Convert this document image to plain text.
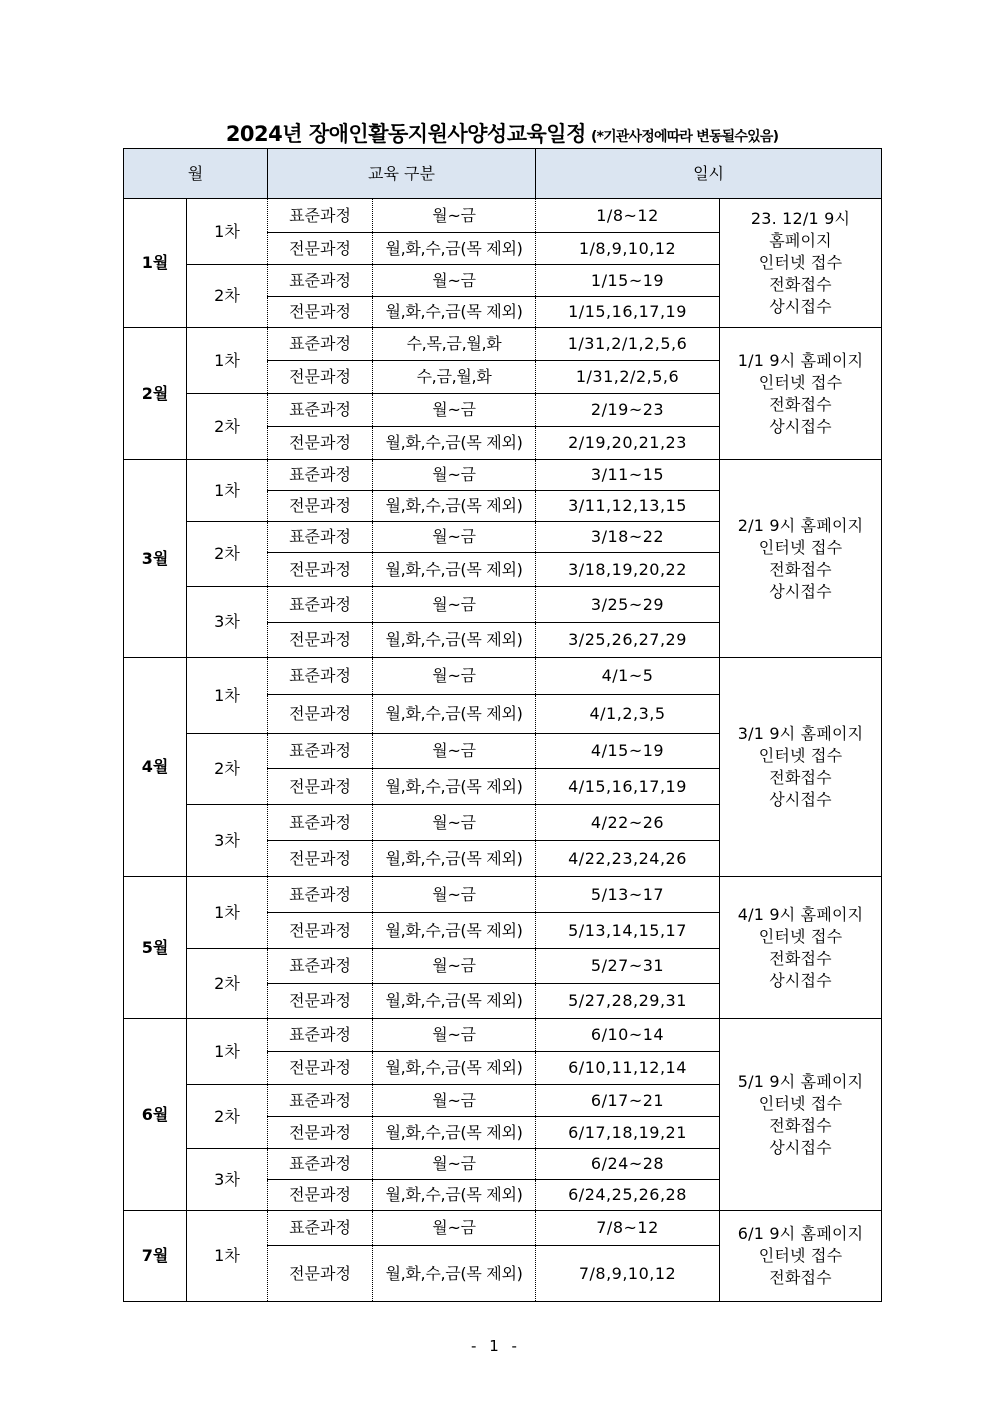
2024년 장애인활동지원사양성교육일정 (*기관사정에따라 변동될수있음)
월		교육 구분		일시	
1월	1차	표준과정	월~금	1/8~12	23. 12/1 9시
홈페이지
인터넷 접수
전화접수
상시접수

		전문과정	월,화,수,금(목 제외)	1/8,9,10,12	
	2차	표준과정	월~금	1/15~19	
		전문과정	월,화,수,금(목 제외)	1/15,16,17,19	
2월	1차	표준과정	수,목,금,월,화	1/31,2/1,2,5,6	1/1 9시 홈페이지
인터넷 접수
전화접수
상시접수

		전문과정	수,금,월,화	1/31,2/2,5,6	
	2차	표준과정	월~금	2/19~23	
		전문과정	월,화,수,금(목 제외)	2/19,20,21,23	
3월	1차	표준과정	월~금	3/11~15	2/1 9시 홈페이지
인터넷 접수
전화접수
상시접수

		전문과정	월,화,수,금(목 제외)	3/11,12,13,15	
	2차	표준과정	월~금	3/18~22	
		전문과정	월,화,수,금(목 제외)	3/18,19,20,22	
	3차	표준과정	월~금	3/25~29	
		전문과정	월,화,수,금(목 제외)	3/25,26,27,29	
4월	1차	표준과정	월~금	4/1~5	3/1 9시 홈페이지
인터넷 접수
전화접수
상시접수

		전문과정	월,화,수,금(목 제외)	4/1,2,3,5	
	2차	표준과정	월~금	4/15~19	
		전문과정	월,화,수,금(목 제외)	4/15,16,17,19	
	3차	표준과정	월~금	4/22~26	
		전문과정	월,화,수,금(목 제외)	4/22,23,24,26	
5월	1차	표준과정	월~금	5/13~17	4/1 9시 홈페이지
인터넷 접수
전화접수
상시접수

		전문과정	월,화,수,금(목 제외)	5/13,14,15,17	
	2차	표준과정	월~금	5/27~31	
		전문과정	월,화,수,금(목 제외)	5/27,28,29,31	
6월	1차	표준과정	월~금	6/10~14	5/1 9시 홈페이지
인터넷 접수
전화접수
상시접수

		전문과정	월,화,수,금(목 제외)	6/10,11,12,14	
	2차	표준과정	월~금	6/17~21	
		전문과정	월,화,수,금(목 제외)	6/17,18,19,21	
	3차	표준과정	월~금	6/24~28	
		전문과정	월,화,수,금(목 제외)	6/24,25,26,28	
7월	1차	표준과정	월~금	7/8~12	6/1 9시 홈페이지
인터넷 접수
전화접수

		전문과정	월,화,수,금(목 제외)	7/8,9,10,12	
- 1 -
